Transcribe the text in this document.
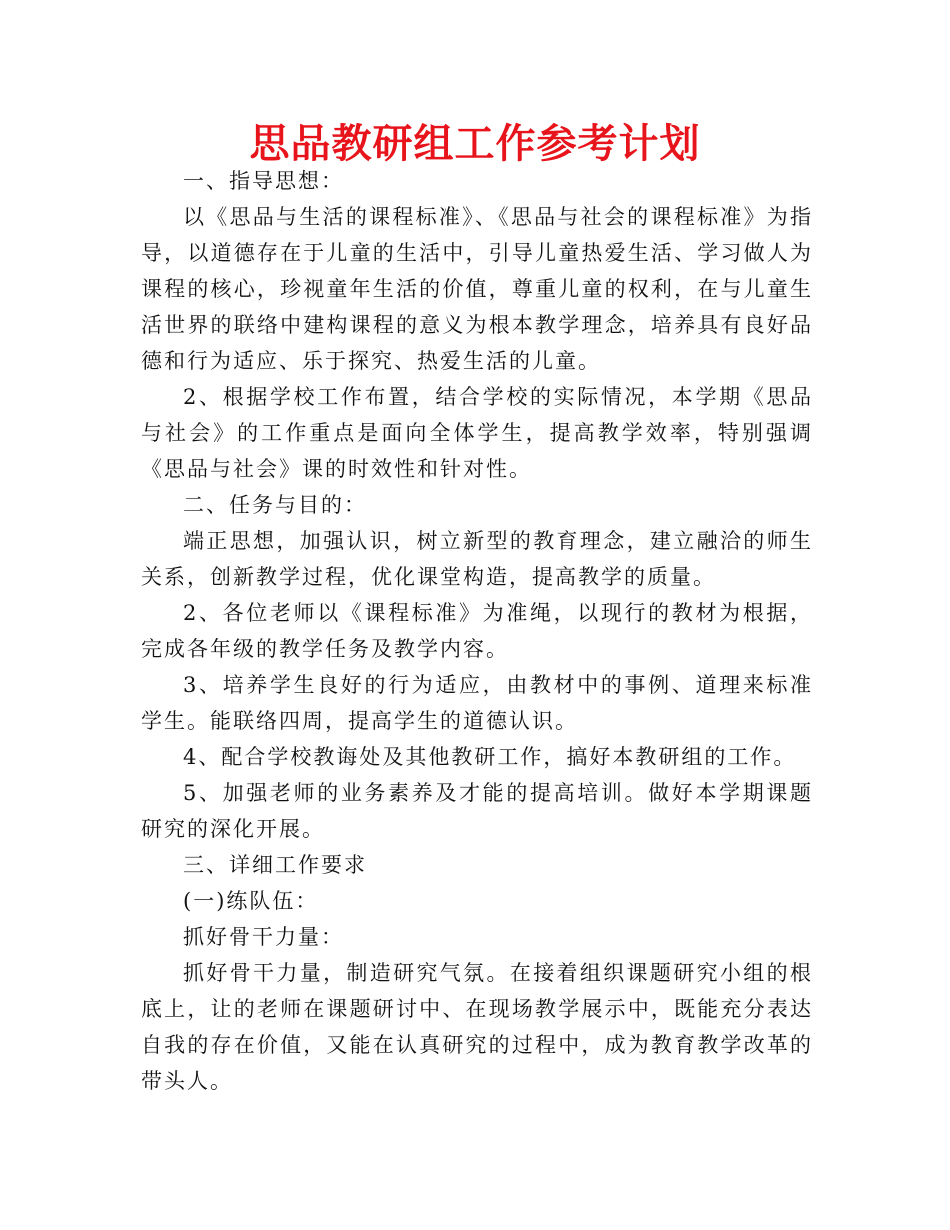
思品教研组工作参考计划

一、指导思想：

以《思品与生活的课程标准》、《思品与社会的课程标准》为指导，以道德存在于儿童的生活中，引导儿童热爱生活、学习做人为课程的核心，珍视童年生活的价值，尊重儿童的权利，在与儿童生活世界的联络中建构课程的意义为根本教学理念，培养具有良好品德和行为适应、乐于探究、热爱生活的儿童。

2、根据学校工作布置，结合学校的实际情况，本学期《思品与社会》的工作重点是面向全体学生，提高教学效率，特别强调《思品与社会》课的时效性和针对性。

二、任务与目的：

端正思想，加强认识，树立新型的教育理念，建立融洽的师生关系，创新教学过程，优化课堂构造，提高教学的质量。

2、各位老师以《课程标准》为准绳，以现行的教材为根据，完成各年级的教学任务及教学内容。

3、培养学生良好的行为适应，由教材中的事例、道理来标准学生。能联络四周，提高学生的道德认识。

4、配合学校教诲处及其他教研工作，搞好本教研组的工作。

5、加强老师的业务素养及才能的提高培训。做好本学期课题研究的深化开展。

三、详细工作要求

(一)练队伍：

抓好骨干力量：

抓好骨干力量，制造研究气氛。在接着组织课题研究小组的根底上，让的老师在课题研讨中、在现场教学展示中，既能充分表达自我的存在价值，又能在认真研究的过程中，成为教育教学改革的带头人。
